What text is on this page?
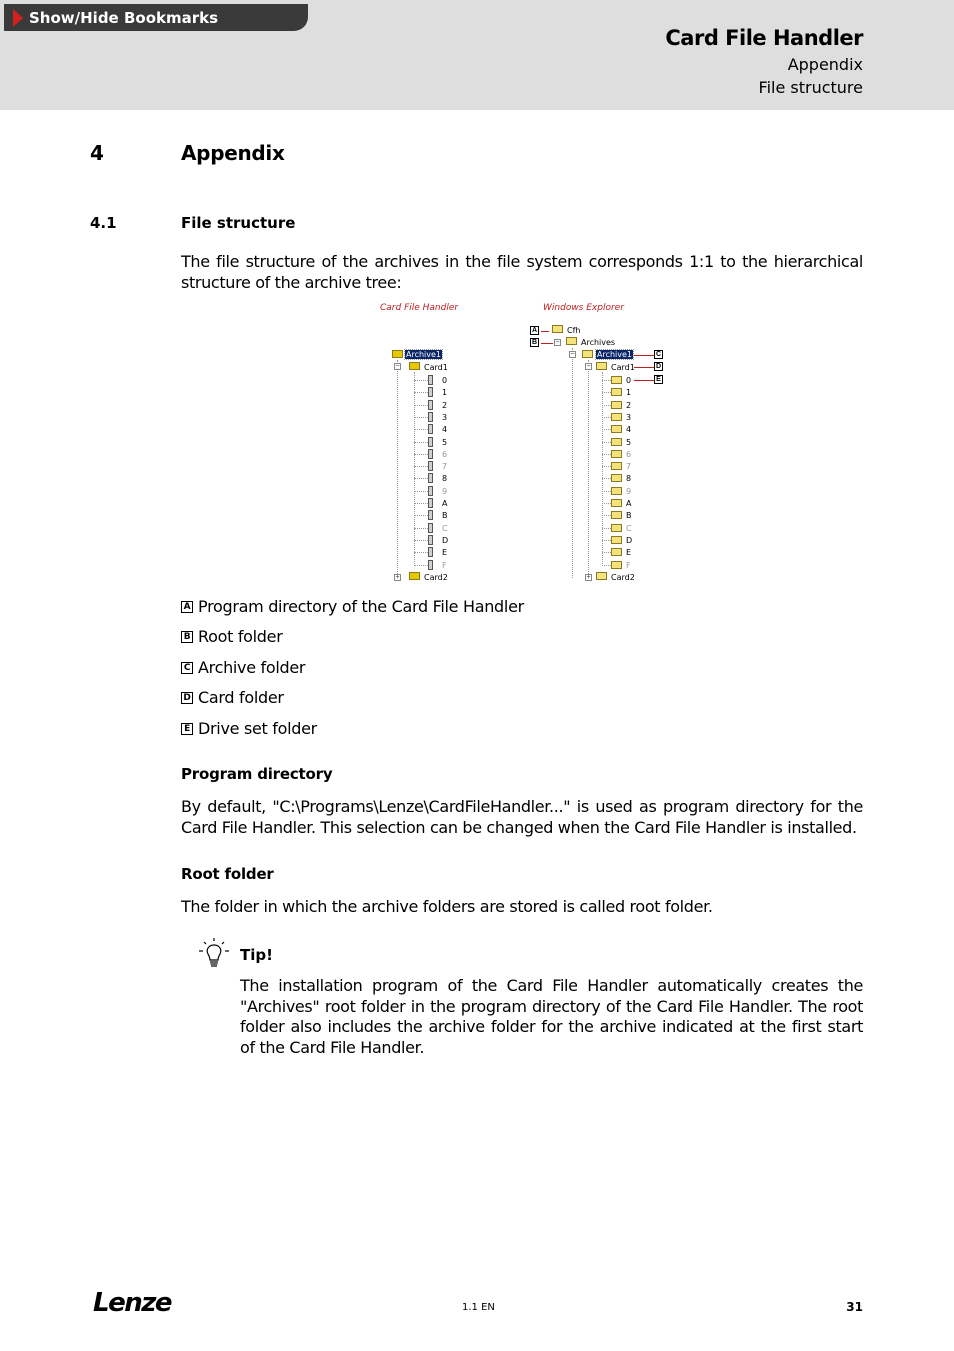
Show/Hide Bookmarks
Card File Handler
Appendix
File structure
4	Appendix
4.1	File structure
The file structure of the archives in the file system corresponds 1:1 to the hierarchical structure of the archive tree:
Card File Handler	Windows Explorer
Archive1
−	Card1
0
1
2
3
4
5
6
7
8
9
A
B
C
D
E
F
+	Card2
A	Cfh
B	−	Archives
−	Archive1	C
−	Card1	D
0
1
2
3
4
5
6
7
8
9
A
B
C
D
E
F
E
+	Card2
A Program directory of the Card File Handler
B Root folder
C Archive folder
D Card folder
E Drive set folder
Program directory
By default, "C:\Programs\Lenze\CardFileHandler..." is used as program directory for the Card File Handler. This selection can be changed when the Card File Handler is installed.
Root folder
The folder in which the archive folders are stored is called root folder.
Tip!
The installation program of the Card File Handler automatically creates the "Archives" root folder in the program directory of the Card File Handler. The root folder also includes the archive folder for the archive indicated at the first start of the Card File Handler.
Lenze	1.1 EN	31
